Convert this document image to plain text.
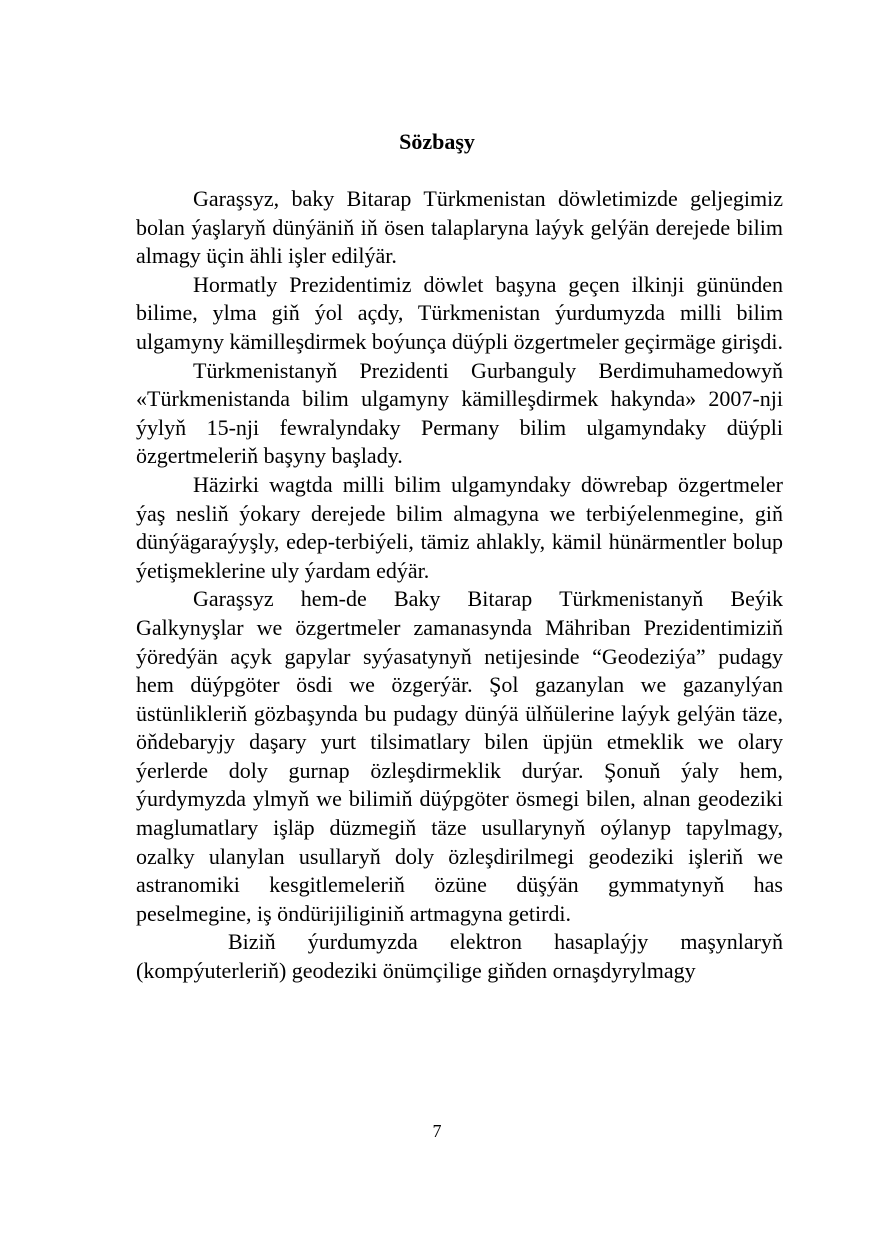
Sözbaşy

Garaşsyz, baky Bitarap Türkmenistan döwletimizde geljegimiz bolan ýaşlaryň dünýäniň iň ösen talaplaryna laýyk gelýän derejede bilim almagy üçin ähli işler edilýär.

Hormatly Prezidentimiz döwlet başyna geçen ilkinji gününden bilime, ylma giň ýol açdy, Türkmenistan ýurdumyzda milli bilim ulgamyny kämilleşdirmek boýunça düýpli özgertmeler geçirmäge girişdi.

Türkmenistanyň Prezidenti Gurbanguly Berdimuhamedowyň «Türkmenistanda bilim ulgamyny kämilleşdirmek hakynda» 2007-nji ýylyň 15-nji fewralyndaky Permany bilim ulgamyndaky düýpli özgertmeleriň başyny başlady.

Häzirki wagtda milli bilim ulgamyndaky döwrebap özgertmeler ýaş nesliň ýokary derejede bilim almagyna we terbiýelenmegine, giň dünýägaraýyşly, edep-terbiýeli, tämiz ahlakly, kämil hünärmentler bolup ýetişmeklerine uly ýardam edýär.

Garaşsyz hem-de Baky Bitarap Türkmenistanyň Beýik Galkynyşlar we özgertmeler zamanasynda Mähriban Prezidentimiziň ýöredýän açyk gapylar syýasatynyň netijesinde “Geodeziýa” pudagy hem düýpgöter ösdi we özgerýär. Şol gazanylan we gazanylýan üstünlikleriň gözbaşynda bu pudagy dünýä ülňülerine laýyk gelýän täze, öňdebaryjy daşary yurt tilsimatlary bilen üpjün etmeklik we olary ýerlerde doly gurnap özleşdirmeklik durýar. Şonuň ýaly hem, ýurdymyzda ylmyň we bilimiň düýpgöter ösmegi bilen, alnan geodeziki maglumatlary işläp düzmegiň täze usullarynyň oýlanyp tapylmagy, ozalky ulanylan usullaryň doly özleşdirilmegi geodeziki işleriň we astranomiki kesgitlemeleriň özüne düşýän gymmatynyň has peselmegine, iş öndürijiliginiň artmagyna getirdi.

Biziň ýurdumyzda elektron hasaplaýjy maşynlaryň (kompýuterleriň) geodeziki önümçilige giňden ornaşdyrylmagy

7
